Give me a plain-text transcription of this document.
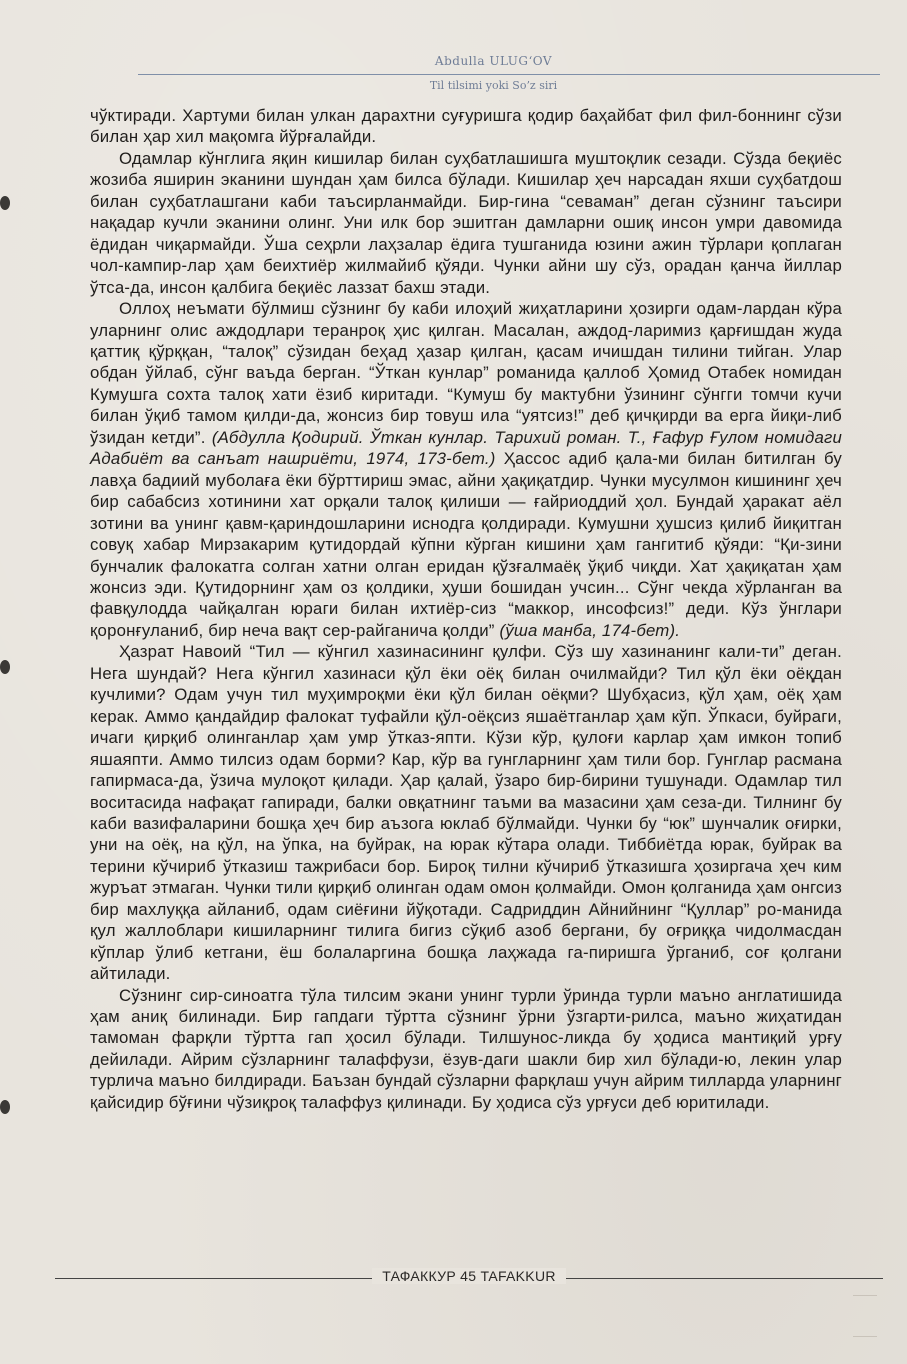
Abdulla ULUG‘OV
Til tilsimi yoki So’z siri

чўктиради. Хартуми билан улкан дарахтни суғуришга қодир баҳайбат фил фил-боннинг сўзи билан ҳар хил мақомга йўрғалайди.

Одамлар кўнглига яқин кишилар билан суҳбатлашишга муштоқлик сезади. Сўзда беқиёс жозиба яширин эканини шундан ҳам билса бўлади. Кишилар ҳеч нарсадан яхши суҳбатдош билан суҳбатлашгани каби таъсирланмайди. Бир-гина “севаман” деган сўзнинг таъсири нақадар кучли эканини олинг. Уни илк бор эшитган дамларни ошиқ инсон умри давомида ёдидан чиқармайди. Ўша сеҳрли лаҳзалар ёдига тушганида юзини ажин тўрлари қоплаган чол-кампир-лар ҳам беихтиёр жилмайиб қўяди. Чунки айни шу сўз, орадан қанча йиллар ўтса-да, инсон қалбига беқиёс лаззат бахш этади.

Оллоҳ неъмати бўлмиш сўзнинг бу каби илоҳий жиҳатларини ҳозирги одам-лардан кўра уларнинг олис аждодлари теранроқ ҳис қилган. Масалан, аждод-ларимиз қарғишдан жуда қаттиқ қўрққан, “талоқ” сўзидан беҳад ҳазар қилган, қасам ичишдан тилини тийган. Улар обдан ўйлаб, сўнг ваъда берган. “Ўткан кунлар” романида қаллоб Ҳомид Отабек номидан Кумушга сохта талоқ хати ёзиб киритади. “Кумуш бу мактубни ўзининг сўнгги томчи кучи билан ўқиб тамом қилди-да, жонсиз бир товуш ила “уятсиз!” деб қичқирди ва ерга йиқи-либ ўзидан кетди”. (Абдулла Қодирий. Ўткан кунлар. Тарихий роман. Т., Ғафур Ғулом номидаги Адабиёт ва санъат нашриёти, 1974, 173-бет.) Ҳассос адиб қала-ми билан битилган бу лавҳа бадиий муболаға ёки бўрттириш эмас, айни ҳақиқатдир. Чунки мусулмон кишининг ҳеч бир сабабсиз хотинини хат орқали талоқ қилиши — ғайриоддий ҳол. Бундай ҳаракат аёл зотини ва унинг қавм-қариндошларини иснодга қолдиради. Кумушни ҳушсиз қилиб йиқитган совуқ хабар Мирзакарим қутидордай кўпни кўрган кишини ҳам гангитиб қўяди: “Қи-зини бунчалик фалокатга солган хатни олган еридан қўзғалмаёқ ўқиб чиқди. Хат ҳақиқатан ҳам жонсиз эди. Қутидорнинг ҳам оз қолдики, ҳуши бошидан учсин... Сўнг чекда хўрланган ва фавқулодда чайқалган юраги билан ихтиёр-сиз “маккор, инсофсиз!” деди. Кўз ўнглари қоронғуланиб, бир неча вақт сер-райганича қолди” (ўша манба, 174-бет).

Ҳазрат Навоий “Тил — кўнгил хазинасининг қулфи. Сўз шу хазинанинг кали-ти” деган. Нега шундай? Нега кўнгил хазинаси қўл ёки оёқ билан очилмайди? Тил қўл ёки оёқдан кучлими? Одам учун тил муҳимроқми ёки қўл билан оёқми? Шубҳасиз, қўл ҳам, оёқ ҳам керак. Аммо қандайдир фалокат туфайли қўл-оёқсиз яшаётганлар ҳам кўп. Ўпкаси, буйраги, ичаги қирқиб олинганлар ҳам умр ўтказ-япти. Кўзи кўр, қулоғи карлар ҳам имкон топиб яшаяпти. Аммо тилсиз одам борми? Кар, кўр ва гунгларнинг ҳам тили бор. Гунглар расмана гапирмаса-да, ўзича мулоқот қилади. Ҳар қалай, ўзаро бир-бирини тушунади. Одамлар тил воситасида нафақат гапиради, балки овқатнинг таъми ва мазасини ҳам сеза-ди. Тилнинг бу каби вазифаларини бошқа ҳеч бир аъзога юклаб бўлмайди. Чунки бу “юк” шунчалик оғирки, уни на оёқ, на қўл, на ўпка, на буйрак, на юрак кўтара олади. Тиббиётда юрак, буйрак ва терини кўчириб ўтказиш тажрибаси бор. Бироқ тилни кўчириб ўтказишга ҳозиргача ҳеч ким журъат этмаган. Чунки тили қирқиб олинган одам омон қолмайди. Омон қолганида ҳам онгсиз бир махлуққа айланиб, одам сиёғини йўқотади. Садриддин Айнийнинг “Қуллар” ро-манида қул жаллоблари кишиларнинг тилига бигиз сўқиб азоб бергани, бу оғриққа чидолмасдан кўплар ўлиб кетгани, ёш болаларгина бошқа лаҳжада га-пиришга ўрганиб, соғ қолгани айтилади.

Сўзнинг сир-синоатга тўла тилсим экани унинг турли ўринда турли маъно англатишида ҳам аниқ билинади. Бир гапдаги тўртта сўзнинг ўрни ўзгарти-рилса, маъно жиҳатидан тамоман фарқли тўртта гап ҳосил бўлади. Тилшунос-ликда бу ҳодиса мантиқий урғу дейилади. Айрим сўзларнинг талаффузи, ёзув-даги шакли бир хил бўлади-ю, лекин улар турлича маъно билдиради. Баъзан бундай сўзларни фарқлаш учун айрим тилларда уларнинг қайсидир бўғини чўзиқроқ талаффуз қилинади. Бу ҳодиса сўз урғуси деб юритилади.

ТАФАККУР 45 TAFAKKUR
